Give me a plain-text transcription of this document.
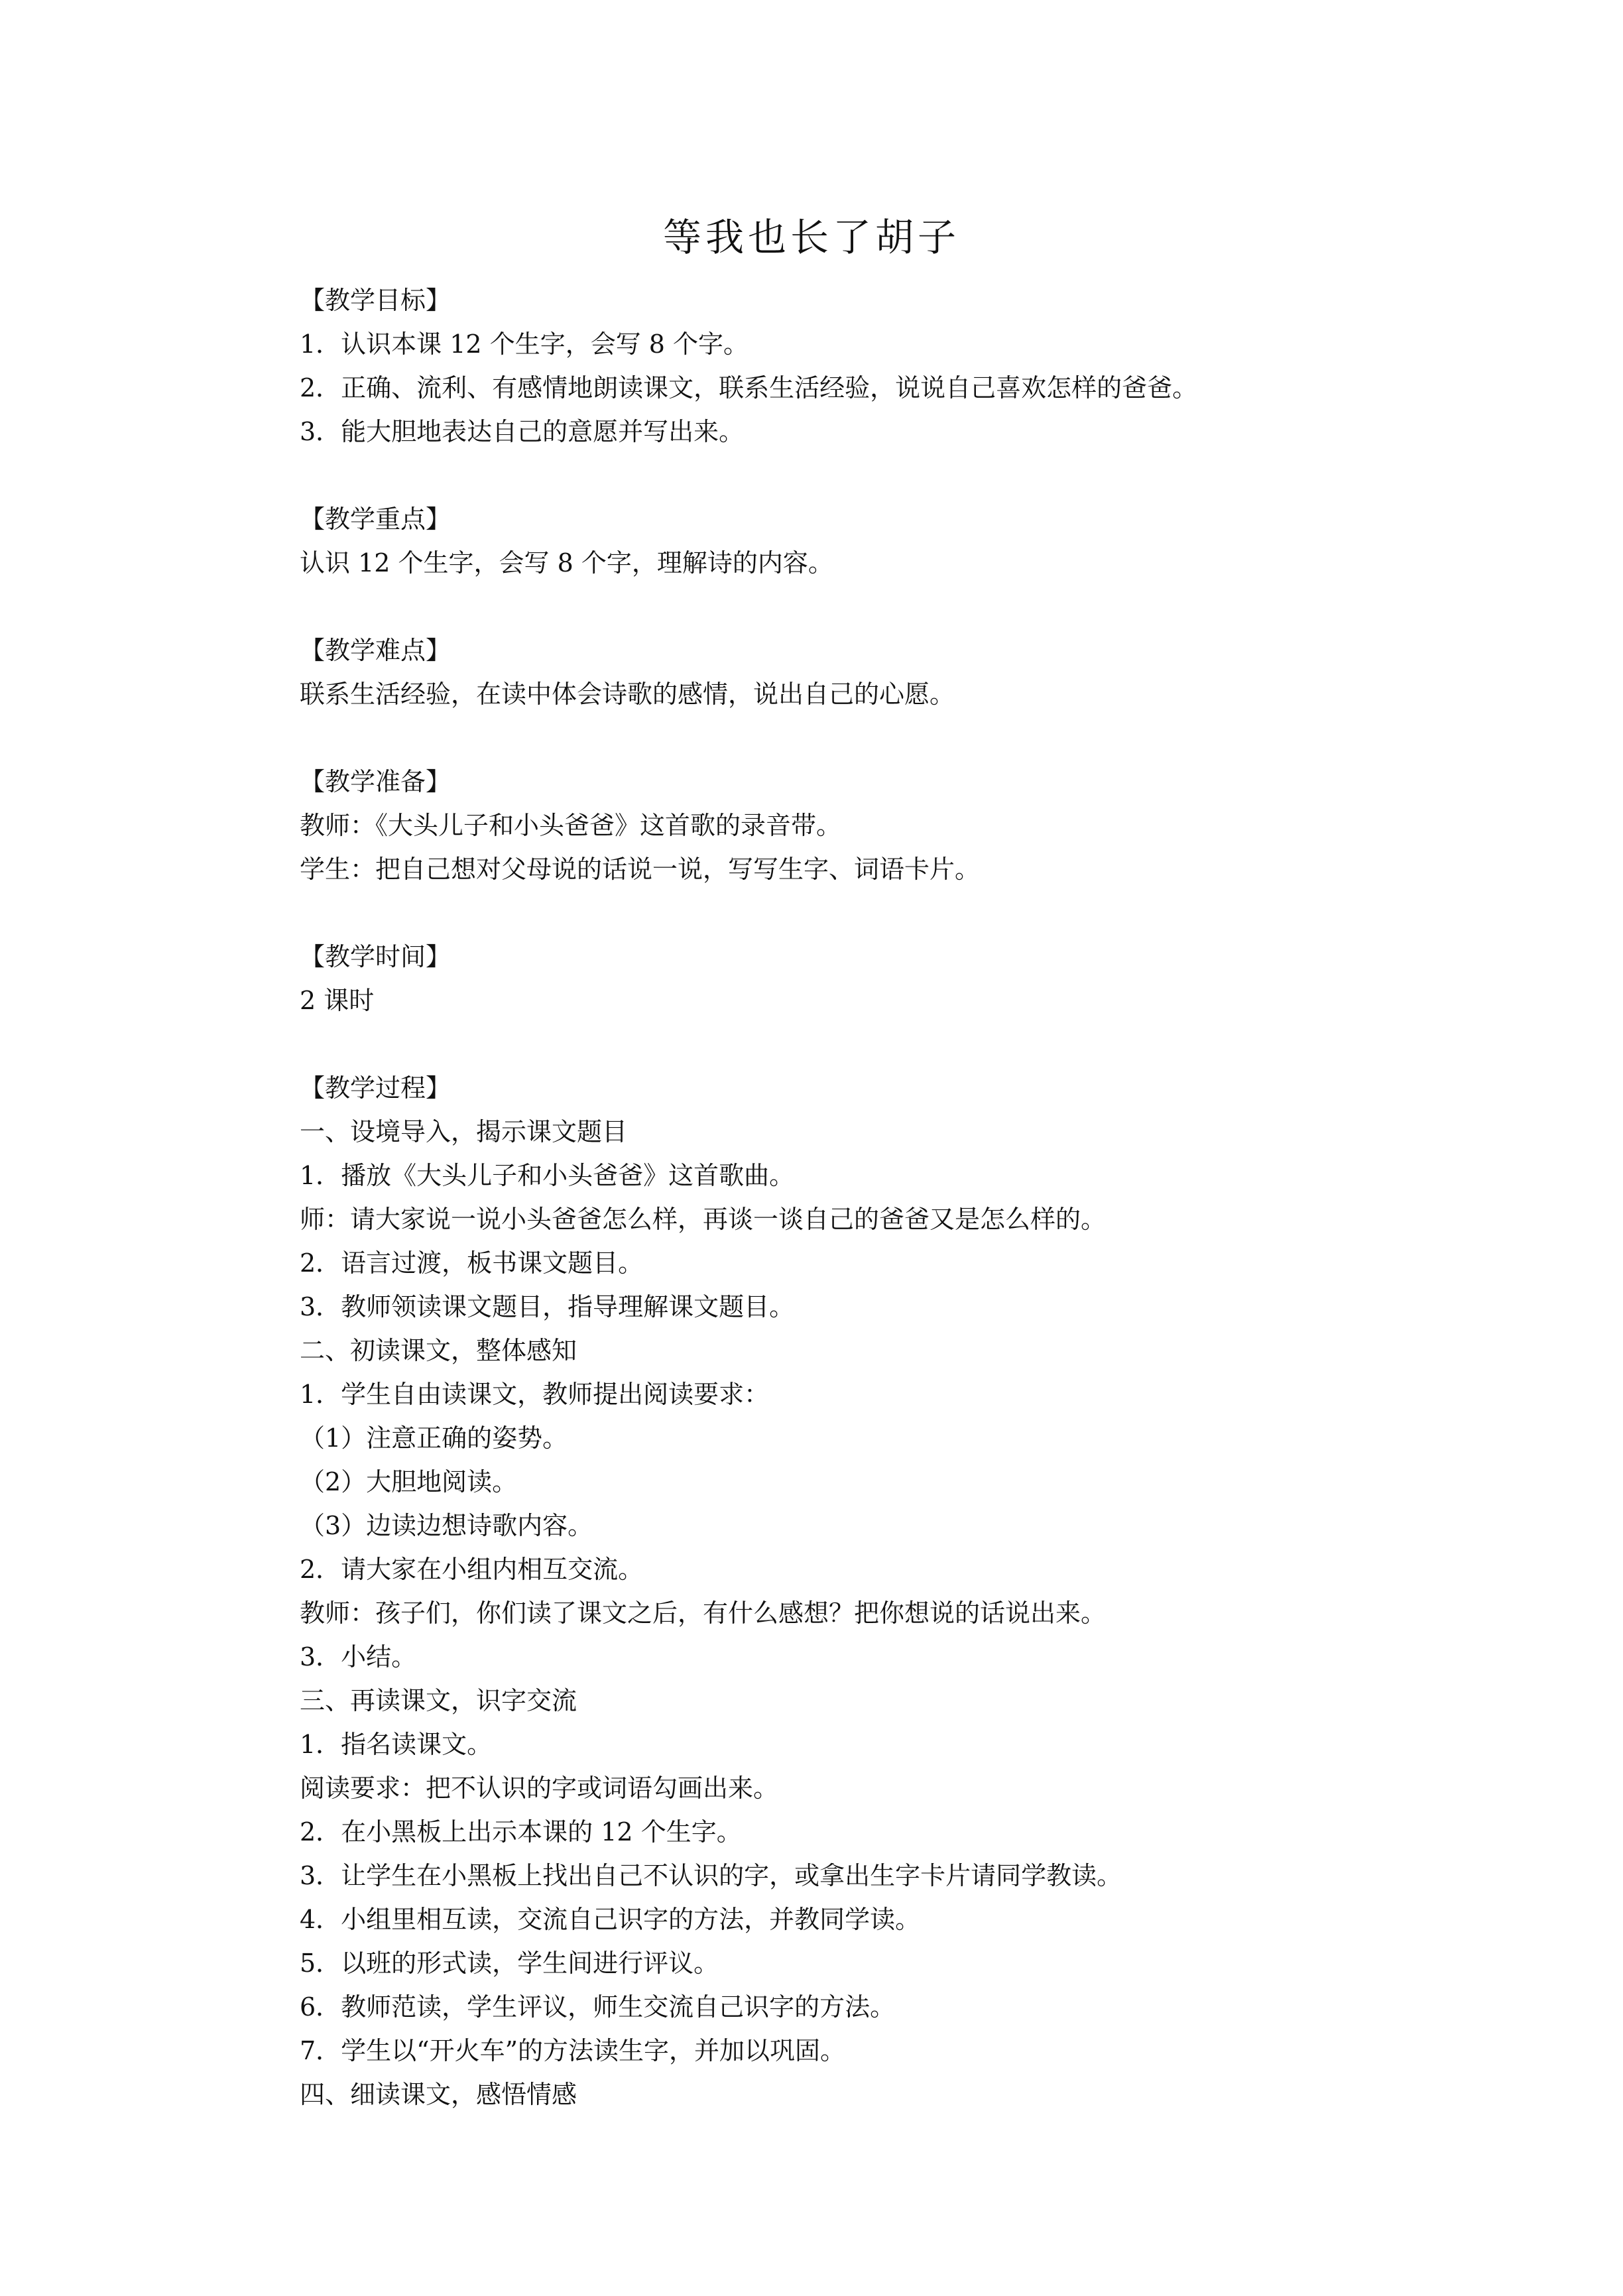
等我也长了胡子
【教学目标】
1．认识本课 12 个生字，会写 8 个字。
2．正确、流利、有感情地朗读课文，联系生活经验，说说自己喜欢怎样的爸爸。
3．能大胆地表达自己的意愿并写出来。
【教学重点】
认识 12 个生字，会写 8 个字，理解诗的内容。
【教学难点】
联系生活经验，在读中体会诗歌的感情，说出自己的心愿。
【教学准备】
教师：《大头儿子和小头爸爸》这首歌的录音带。
学生：把自己想对父母说的话说一说，写写生字、词语卡片。
【教学时间】
2 课时
【教学过程】
一、设境导入，揭示课文题目
1．播放《大头儿子和小头爸爸》这首歌曲。
师：请大家说一说小头爸爸怎么样，再谈一谈自己的爸爸又是怎么样的。
2．语言过渡，板书课文题目。
3．教师领读课文题目，指导理解课文题目。
二、初读课文，整体感知
1．学生自由读课文，教师提出阅读要求：
（1）注意正确的姿势。
（2）大胆地阅读。
（3）边读边想诗歌内容。
2．请大家在小组内相互交流。
教师：孩子们，你们读了课文之后，有什么感想？把你想说的话说出来。
3．小结。
三、再读课文，识字交流
1．指名读课文。
阅读要求：把不认识的字或词语勾画出来。
2．在小黑板上出示本课的 12 个生字。
3．让学生在小黑板上找出自己不认识的字，或拿出生字卡片请同学教读。
4．小组里相互读，交流自己识字的方法，并教同学读。
5．以班的形式读，学生间进行评议。
6．教师范读，学生评议，师生交流自己识字的方法。
7．学生以“开火车”的方法读生字，并加以巩固。
四、细读课文，感悟情感
